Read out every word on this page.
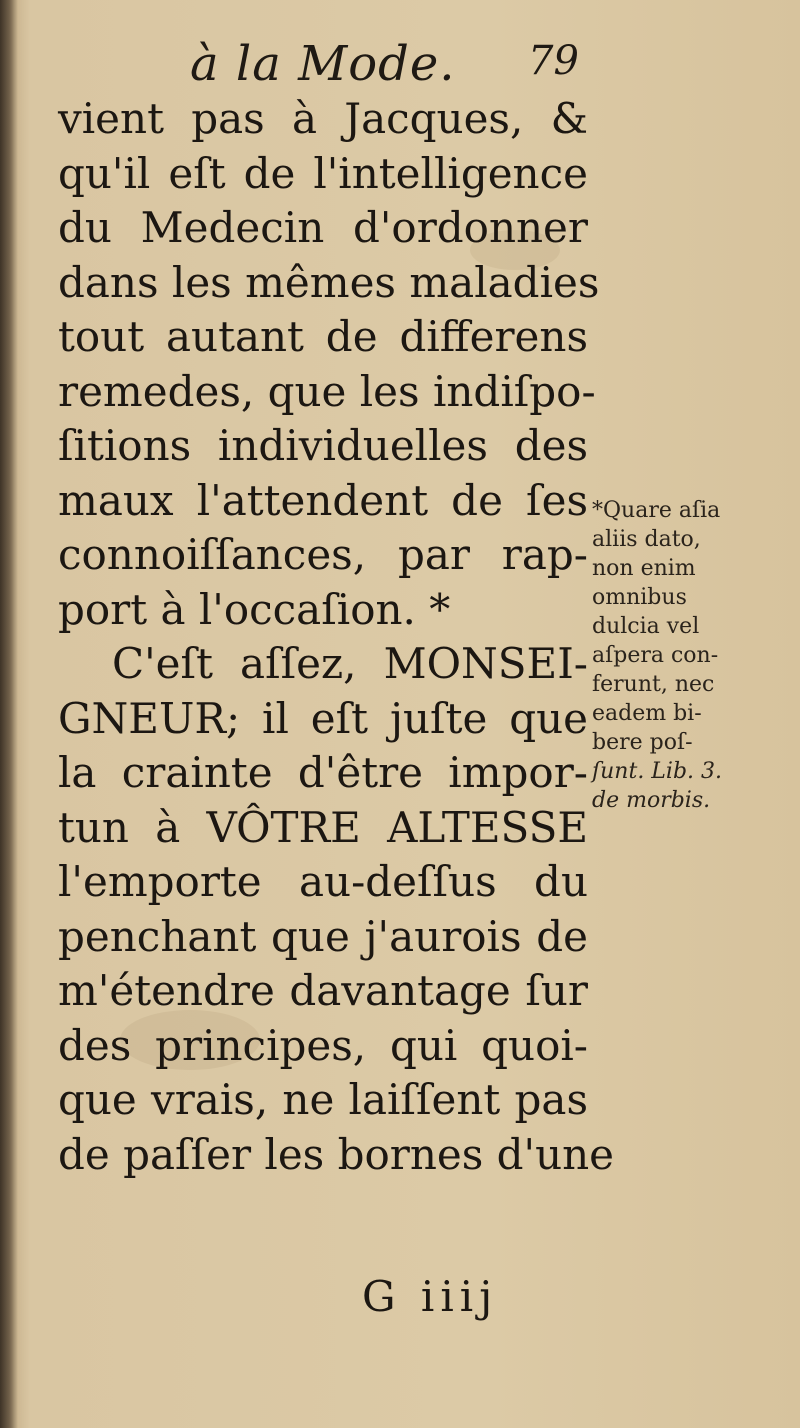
à la Mode. 79
vient pas à Jacques, &
qu'il eſt de l'intelligence
du Medecin d'ordonner
dans les mêmes maladies
tout autant de differens
remedes, que les indiſpo-
ſitions individuelles des
maux l'attendent de ſes
connoiſſances, par rap-
port à l'occaſion. *
C'eſt aſſez, MONSEI-
GNEUR; il eſt juſte que
la crainte d'être impor-
tun à VÔTRE ALTESSE
l'emporte au-deſſus du
penchant que j'aurois de
m'étendre davantage ſur
des principes, qui quoi-
que vrais, ne laiſſent pas
de paſſer les bornes d'une
*Quare aſia
aliis dato,
non enim
omnibus
dulcia vel
aſpera con-
ferunt, nec
eadem bi-
bere poſ-
ſunt. Lib. 3.
de morbis.
G iiij
